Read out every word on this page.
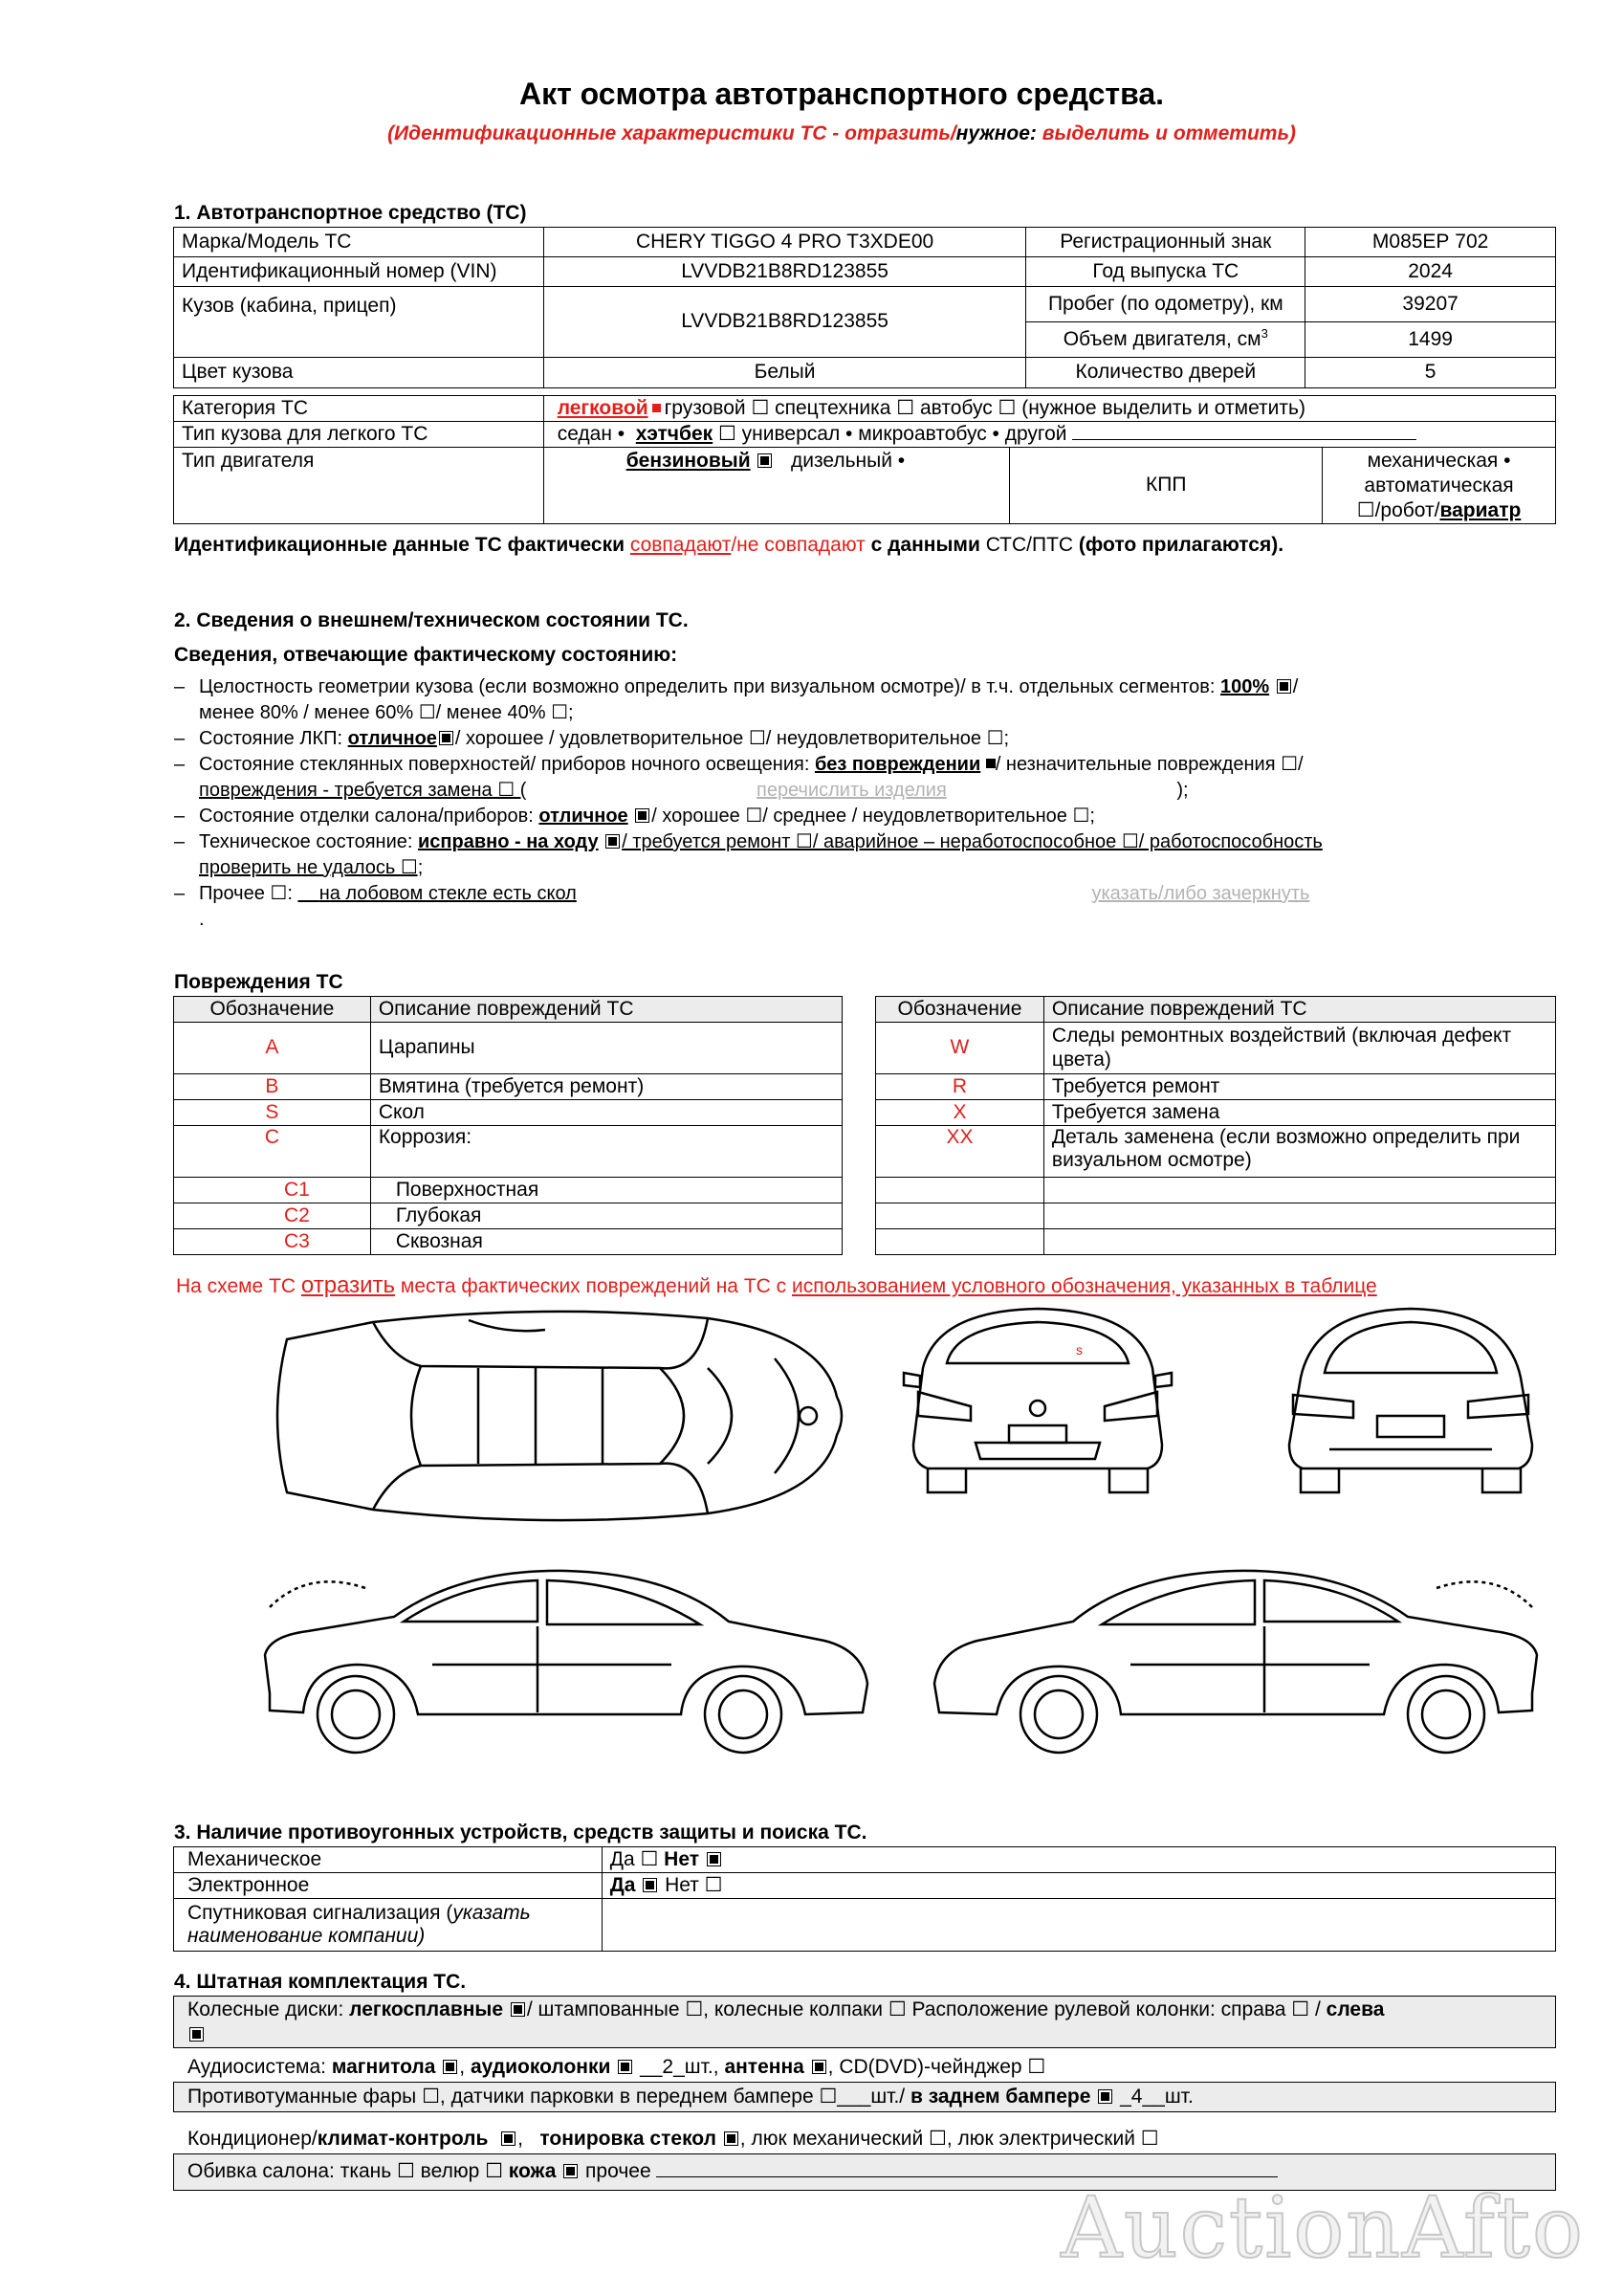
Акт осмотра автотранспортного средства.
(Идентификационные характеристики ТС - отразить/нужное: выделить и отметить)
1. Автотранспортное средство (ТС)
Марка/Модель ТС	CHERY TIGGO 4 PRO T3XDE00	Регистрационный знак	М085ЕР 702
Идентификационный номер (VIN)	LVVDB21B8RD123855	Год выпуска ТС	2024
Кузов (кабина, прицеп)	LVVDB21B8RD123855	Пробег (по одометру), км	39207
		Объем двигателя, $см^3$	1499
Цвет кузова	Белый	Количество дверей	5
Категория ТС	легковой грузовой ☐ спецтехника ☐ автобус ☐ (нужное выделить и отметить)		
Тип кузова для легкого ТС	седан • хэтчбек ☐ универсал • микроавтобус • другой		
Тип двигателя	бензиновый дизельный •	КПП	механическая •
автоматическая
☐/робот/вариатр
Идентификационные данные ТС фактически совпадают/не совпадают с данными СТС/ПТС (фото прилагаются).
2. Сведения о внешнем/техническом состоянии ТС.
Сведения, отвечающие фактическому состоянию:
– Целостность геометрии кузова (если возможно определить при визуальном осмотре)/ в т.ч. отдельных сегментов: 100% /
менее 80% / менее 60% ☐/ менее 40% ☐;
– Состояние ЛКП: отличное / хорошее / удовлетворительное ☐/ неудовлетворительное ☐;
– Состояние стеклянных поверхностей/ приборов ночного освещения: без повреждении / незначительные повреждения ☐/
повреждения - требуется замена ☐ (	перечислить изделия	);
– Состояние отделки салона/приборов: отличное / хорошее ☐/ среднее / неудовлетворительное ☐;
– Техническое состояние: исправно - на ходу / требуется ремонт ☐/ аварийное – неработоспособное ☐/ работоспособность
проверить не удалось ☐;
– Прочее ☐:     на лобовом стекле есть скол	указать/либо зачеркнуть
.
Повреждения ТС
Обозначение	Описание повреждений ТС
A	Царапины
B	Вмятина (требуется ремонт)
S	Скол
C	Коррозия:
C1	Поверхностная
C2	Глубокая
C3	Сквозная
Обозначение	Описание повреждений ТС
W	Следы ремонтных воздействий (включая дефект цвета)
R	Требуется ремонт
X	Требуется замена
XX	Деталь заменена (если возможно определить при визуальном осмотре)

На схеме ТС отразить места фактических повреждений на ТС с использованием условного обозначения, указанных в таблице
s
3. Наличие противоугонных устройств, средств защиты и поиска ТС.
Механическое	Да ☐ Нет
Электронное	Да  Нет ☐
Спутниковая сигнализация (указать наименование компании)	
4. Штатная комплектация ТС.
Колесные диски: легкосплавные / штампованные ☐, колесные колпаки ☐ Расположение рулевой колонки: справа ☐ / слева

Аудиосистема: магнитола , аудиоколонки  __2_шт., антенна , CD(DVD)-чейнджер ☐
Противотуманные фары ☐, датчики парковки в переднем бампере ☐___шт./ в заднем бампере  _4__шт.
Кондиционер/климат-контроль ,   тонировка стекол , люк механический ☐, люк электрический ☐
Обивка салона: ткань ☐ велюр ☐ кожа  прочее
AuctionAfto
